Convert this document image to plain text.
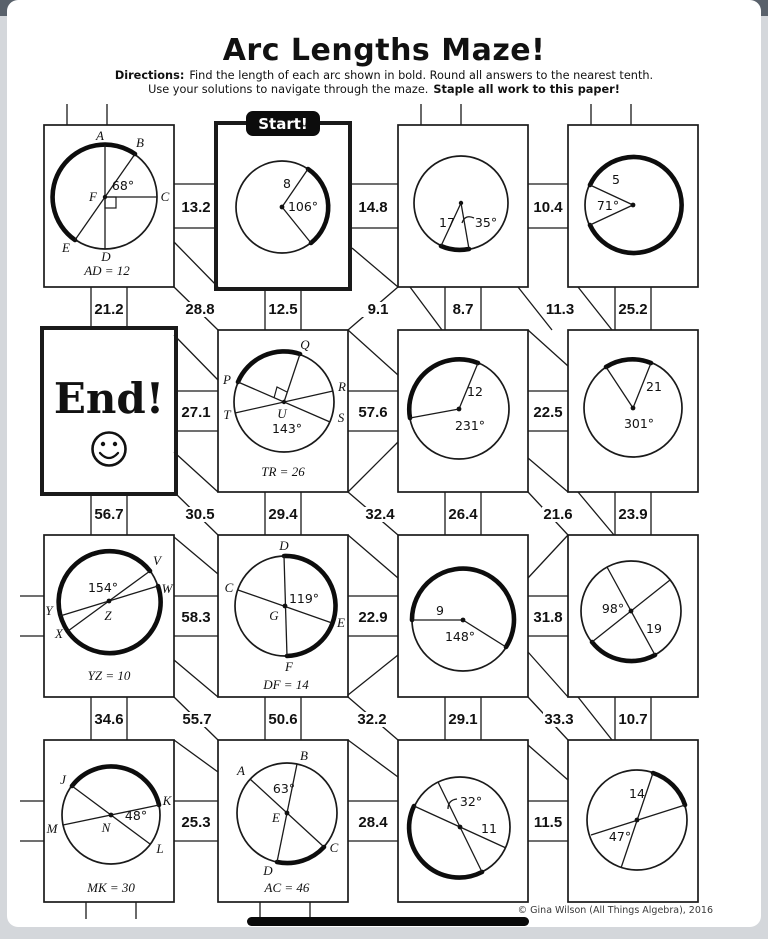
Arc Lengths Maze!
Directions: Find the length of each arc shown in bold. Round all answers to the nearest tenth.
Use your solutions to navigate through the maze. Staple all work to this paper!
Start!
End!
A B
C
D
E
F
68°
AD = 12
8
106°
17 35°
5
71°
Q
P	R
S
T	U
143°
TR = 26
12
231°
21
301°
V
W
X
Y	Z
154°
YZ = 10
D
C
E
F
G
119°
DF = 14
9
148°
98°
19
J
K
L
M	N
48°
MK = 30
A
B
C
D
E
63°
AC = 46
32°
11
14
47°
13.2	14.8	10.4
27.1	57.6	22.5
58.3	22.9	31.8
25.3	28.4	11.5
21.2	28.8	12.5	9.1	8.7	11.3	25.2
56.7	30.5	29.4	32.4	26.4	21.6	23.9
34.6	55.7	50.6	32.2	29.1	33.3	10.7
© Gina Wilson (All Things Algebra), 2016
